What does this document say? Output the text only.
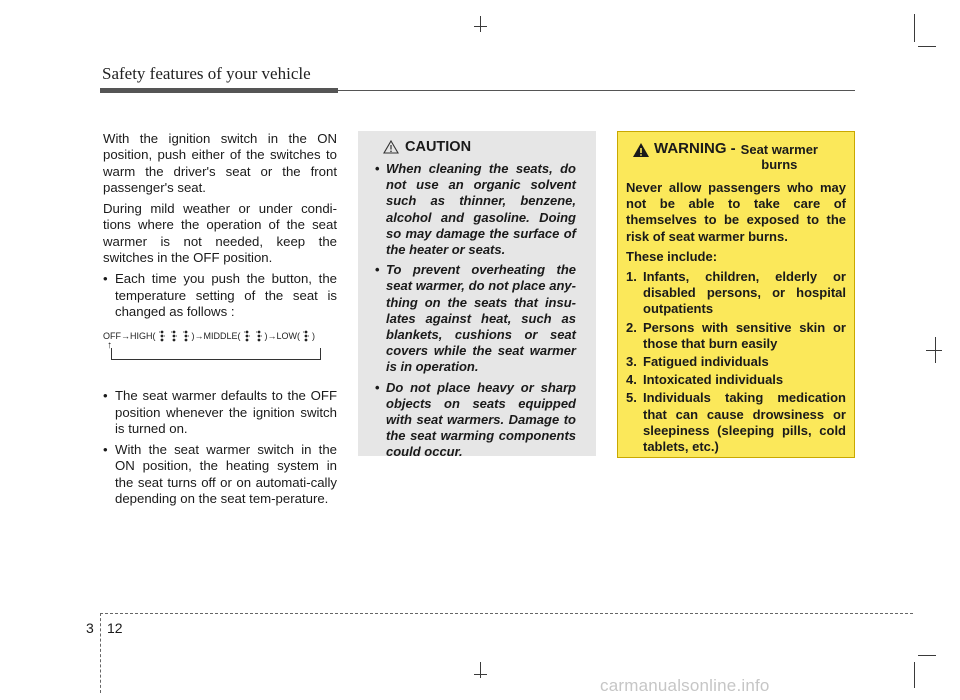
Safety features of your vehicle

With the ignition switch in the ON position, push either of the switches to warm the driver's seat or the front passenger's seat.

During mild weather or under condi-tions where the operation of the seat warmer is not needed, keep the switches in the OFF position.

• Each time you push the button, the temperature setting of the seat is changed as follows :
OFF → HIGH(	) → MIDDLE(	) → LOW( )
↑
• The seat warmer defaults to the OFF position whenever the ignition switch is turned on.
• With the seat warmer switch in the ON position, the heating system in the seat turns off or on automati-cally depending on the seat tem-perature.
CAUTION
• When cleaning the seats, do not use an organic solvent such as thinner, benzene, alcohol and gasoline. Doing so may damage the surface of the heater or seats.
• To prevent overheating the seat warmer, do not place any-thing on the seats that insu-lates against heat, such as blankets, cushions or seat covers while the seat warmer is in operation.
• Do not place heavy or sharp objects on seats equipped with seat warmers. Damage to the seat warming components could occur.
WARNING - Seat warmer
burns
Never allow passengers who may not be able to take care of themselves to be exposed to the risk of seat warmer burns.
These include:
1. Infants, children, elderly or disabled persons, or hospital outpatients
2. Persons with sensitive skin or those that burn easily
3. Fatigued individuals
4. Intoxicated individuals
5. Individuals taking medication that can cause drowsiness or sleepiness (sleeping pills, cold tablets, etc.)
3 12
carmanualsonline.info
